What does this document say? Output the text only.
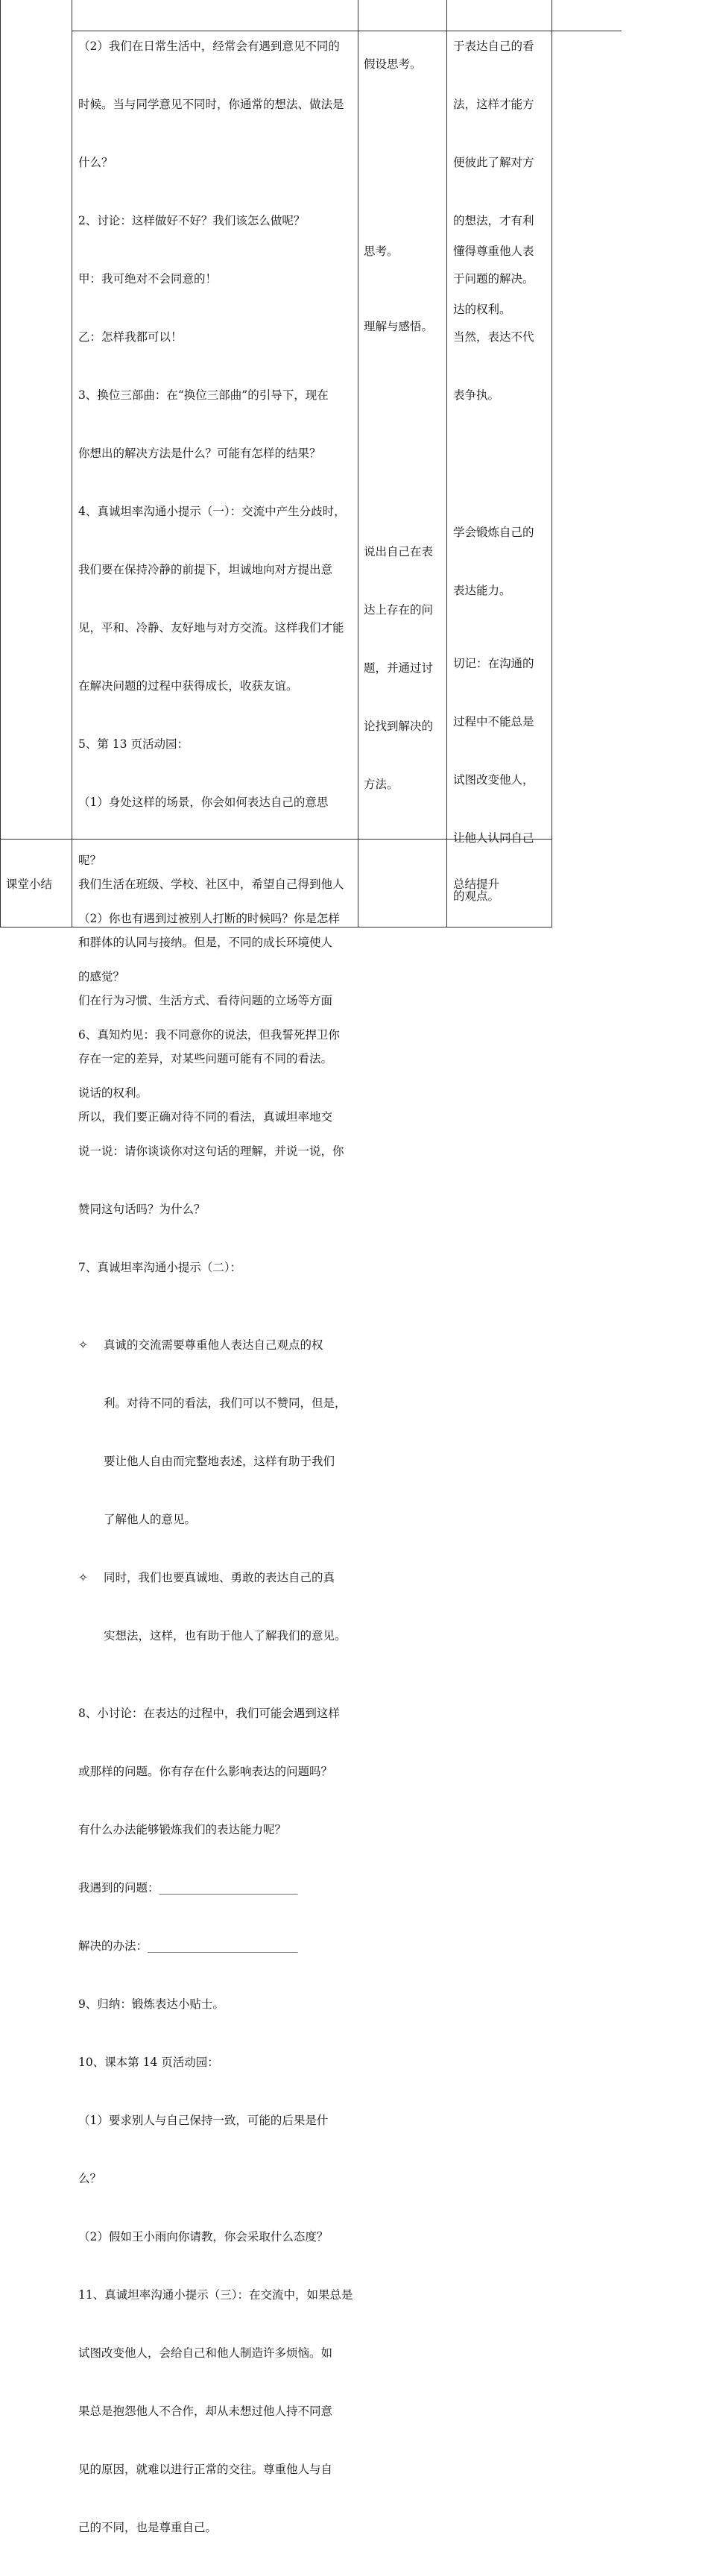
（2）我们在日常生活中，经常会有遇到意见不同的

时候。当与同学意见不同时，你通常的想法、做法是

什么？

2、讨论：这样做好不好？我们该怎么做呢？

甲：我可绝对不会同意的！

乙：怎样我都可以！

3、换位三部曲：在“换位三部曲”的引导下，现在

你想出的解决方法是什么？可能有怎样的结果？

4、真诚坦率沟通小提示（一）：交流中产生分歧时，

我们要在保持冷静的前提下，坦诚地向对方提出意

见，平和、冷静、友好地与对方交流。这样我们才能

在解决问题的过程中获得成长，收获友谊。

5、第 13 页活动园：

（1）身处这样的场景，你会如何表达自己的意思

呢？

（2）你也有遇到过被别人打断的时候吗？你是怎样

的感觉？

6、真知灼见：我不同意你的说法，但我誓死捍卫你

说话的权利。

说一说：请你谈谈你对这句话的理解，并说一说，你

赞同这句话吗？为什么？

7、真诚坦率沟通小提示（二）：

✧ 真诚的交流需要尊重他人表达自己观点的权

利。对待不同的看法，我们可以不赞同，但是，

要让他人自由而完整地表述，这样有助于我们

了解他人的意见。

✧ 同时，我们也要真诚地、勇敢的表达自己的真

实想法，这样，也有助于他人了解我们的意见。

8、小讨论：在表达的过程中，我们可能会遇到这样

或那样的问题。你有存在什么影响表达的问题吗？

有什么办法能够锻炼我们的表达能力呢？

我遇到的问题：________________________

解决的办法：__________________________

9、归纳：锻炼表达小贴士。

10、课本第 14 页活动园：

（1）要求别人与自己保持一致，可能的后果是什

么？

（2）假如王小雨向你请教，你会采取什么态度？

11、真诚坦率沟通小提示（三）：在交流中，如果总是

试图改变他人，会给自己和他人制造许多烦恼。如

果总是抱怨他人不合作，却从未想过他人持不同意

见的原因，就难以进行正常的交往。尊重他人与自

己的不同，也是尊重自己。

假设思考。

思考。

理解与感悟。

说出自己在表

达上存在的问

题，并通过讨

论找到解决的

方法。

于表达自己的看

法，这样才能方

便彼此了解对方

的想法，才有利

于问题的解决。

当然，表达不代

表争执。

懂得尊重他人表

达的权利。

学会锻炼自己的

表达能力。

切记：在沟通的

过程中不能总是

试图改变他人，

让他人认同自己

的观点。

课堂小结

	我们生活在班级、学校、社区中，希望自己得到他人

和群体的认同与接纳。但是，不同的成长环境使人

们在行为习惯、生活方式、看待问题的立场等方面

存在一定的差异，对某些问题可能有不同的看法。

所以，我们要正确对待不同的看法，真诚坦率地交

总结提升
